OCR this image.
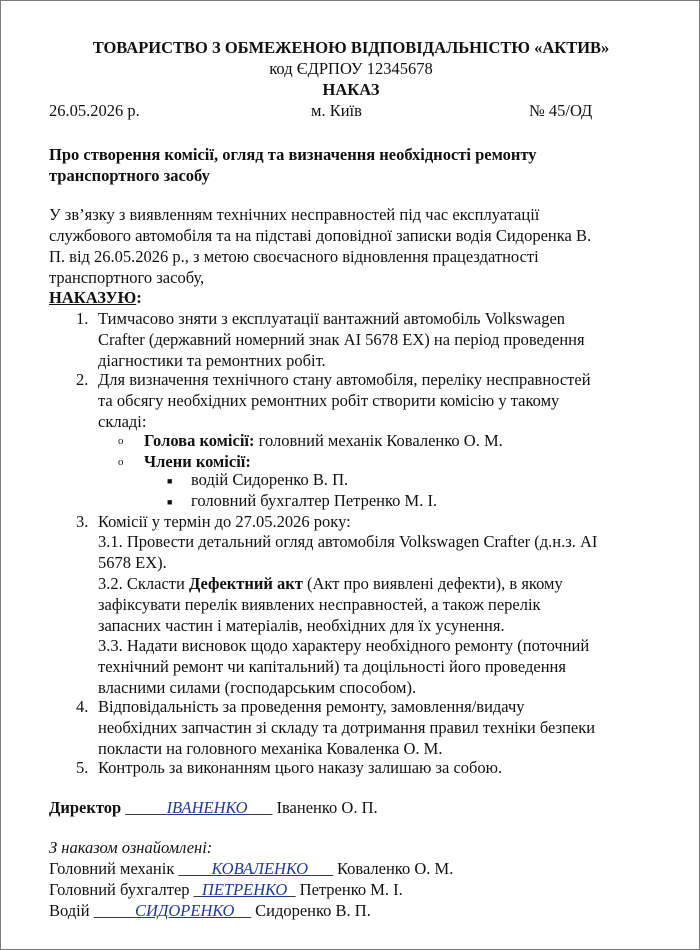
ТОВАРИСТВО З ОБМЕЖЕНОЮ ВІДПОВІДАЛЬНІСТЮ «АКТИВ»
код ЄДРПОУ 12345678
НАКАЗ
26.05.2026 р.	м. Київ	№ 45/ОД
Про створення комісії, огляд та визначення необхідності ремонту
транспортного засобу
У зв’язку з виявленням технічних несправностей під час експлуатації
службового автомобіля та на підставі доповідної записки водія Сидоренка В.
П. від 26.05.2026 р., з метою своєчасного відновлення працездатності
транспортного засобу,
НАКАЗУЮ:
1. Тимчасово зняти з експлуатації вантажний автомобіль Volkswagen
Crafter (державний номерний знак АІ 5678 ЕХ) на період проведення
діагностики та ремонтних робіт.
2. Для визначення технічного стану автомобіля, переліку несправностей
та обсягу необхідних ремонтних робіт створити комісію у такому
складі:
o Голова комісії: головний механік Коваленко О. М.
o Члени комісії:
■ водій Сидоренко В. П.
■ головний бухгалтер Петренко М. І.
3. Комісії у термін до 27.05.2026 року:
3.1. Провести детальний огляд автомобіля Volkswagen Crafter (д.н.з. АІ
5678 ЕХ).
3.2. Скласти Дефектний акт (Акт про виявлені дефекти), в якому
зафіксувати перелік виявлених несправностей, а також перелік
запасних частин і матеріалів, необхідних для їх усунення.
3.3. Надати висновок щодо характеру необхідного ремонту (поточний
технічний ремонт чи капітальний) та доцільності його проведення
власними силами (господарським способом).
4. Відповідальність за проведення ремонту, замовлення/видачу
необхідних запчастин зі складу та дотримання правил техніки безпеки
покласти на головного механіка Коваленка О. М.
5. Контроль за виконанням цього наказу залишаю за собою.
Директор _____ІВАНЕНКО___ Іваненко О. П.
З наказом ознайомлені:
Головний механік ____КОВАЛЕНКО___ Коваленко О. М.
Головний бухгалтер _ПЕТРЕНКО_ Петренко М. І.
Водій _____СИДОРЕНКО__ Сидоренко В. П.
